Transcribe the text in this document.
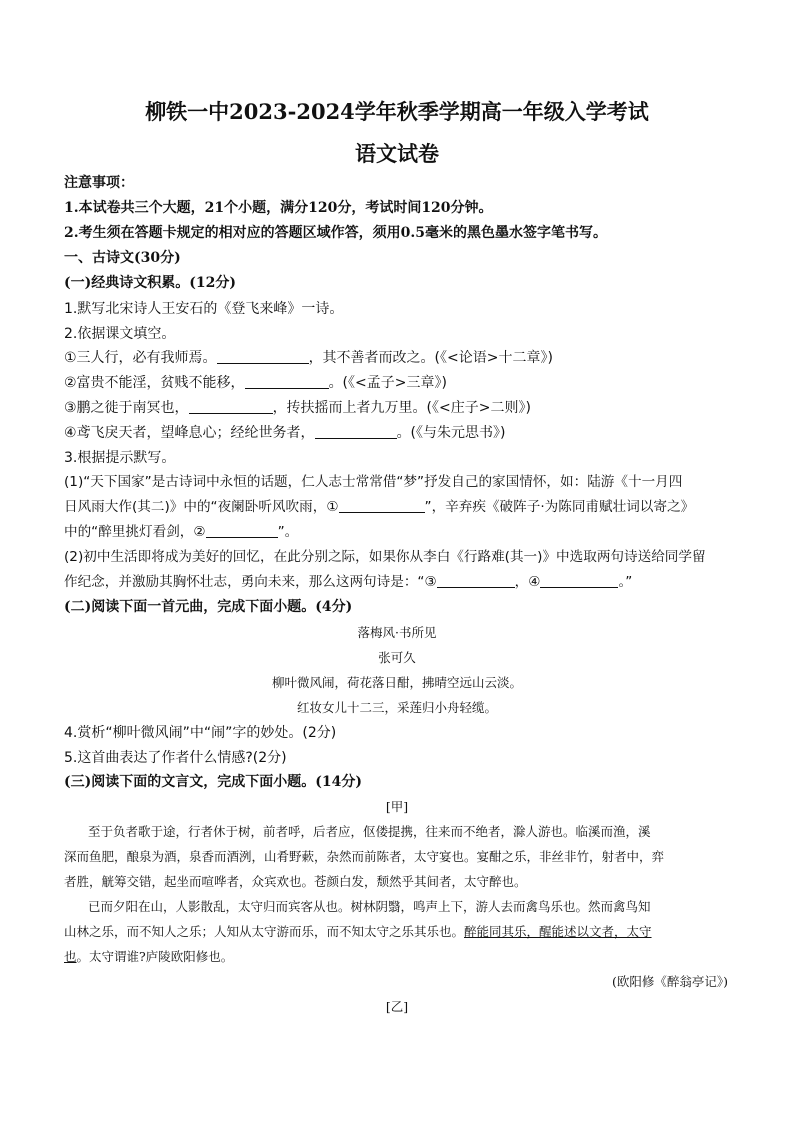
柳铁一中2023-2024学年秋季学期高一年级入学考试
语文试卷
注意事项：
1.本试卷共三个大题，21个小题，满分120分，考试时间120分钟。
2.考生须在答题卡规定的相对应的答题区域作答，须用0.5毫米的黑色墨水签字笔书写。
一、古诗文(30分)
(一)经典诗文积累。(12分)
1.默写北宋诗人王安石的《登飞来峰》一诗。
2.依据课文填空。
①三人行，必有我师焉。	，其不善者而改之。(《<论语>十二章》)
②富贵不能淫，贫贱不能移，	。(《<孟子>三章》)
③鹏之徙于南冥也，	，抟扶摇而上者九万里。(《<庄子>二则》)
④鸢飞戾天者，望峰息心；经纶世务者，	。(《与朱元思书》)
3.根据提示默写。
(1)“天下国家”是古诗词中永恒的话题，仁人志士常常借“梦”抒发自己的家国情怀，如：陆游《十一月四
日风雨大作(其二)》中的“夜阑卧听风吹雨，①	”，辛弃疾《破阵子·为陈同甫赋壮词以寄之》
中的“醉里挑灯看剑，②	”。
(2)初中生活即将成为美好的回忆，在此分别之际，如果你从李白《行路难(其一)》中选取两句诗送给同学留
作纪念，并激励其胸怀壮志，勇向未来，那么这两句诗是：“③	，④	。”
(二)阅读下面一首元曲，完成下面小题。(4分)
落梅风·书所见
张可久
柳叶微风闹，荷花落日酣，拂晴空远山云淡。
红妆女儿十二三，采莲归小舟轻缆。
4.赏析“柳叶微风闹”中“闹”字的妙处。(2分)
5.这首曲表达了作者什么情感?(2分)
(三)阅读下面的文言文，完成下面小题。(14分)
[甲]
至于负者歌于途，行者休于树，前者呼，后者应，伛偻提携，往来而不绝者，滁人游也。临溪而渔，溪
深而鱼肥，酿泉为酒，泉香而酒洌，山肴野蔌，杂然而前陈者，太守宴也。宴酣之乐，非丝非竹，射者中，弈
者胜，觥筹交错，起坐而喧哗者，众宾欢也。苍颜白发，颓然乎其间者，太守醉也。
已而夕阳在山，人影散乱，太守归而宾客从也。树林阴翳，鸣声上下，游人去而禽鸟乐也。然而禽鸟知
山林之乐，而不知人之乐；人知从太守游而乐，而不知太守之乐其乐也。醉能同其乐，醒能述以文者，太守
也。太守谓谁?庐陵欧阳修也。
(欧阳修《醉翁亭记》)
[乙]
